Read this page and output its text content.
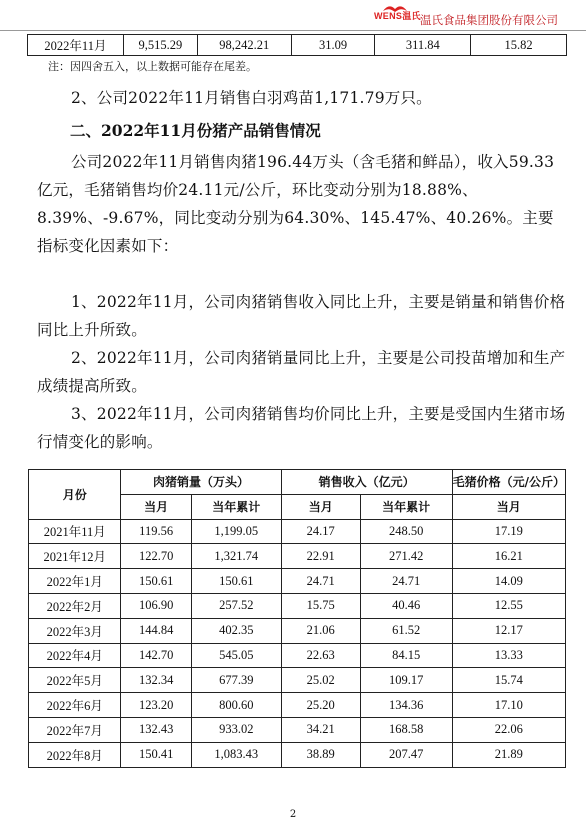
WENS温氏 温氏食品集团股份有限公司
2022年11月	9,515.29	98,242.21	31.09	311.84	15.82
注：因四舍五入，以上数据可能存在尾差。
2、公司2022年11月销售白羽鸡苗1,171.79万只。
二、2022年11月份猪产品销售情况
公司2022年11月销售肉猪196.44万头（含毛猪和鲜品），收入59.33亿元，毛猪销售均价24.11元/公斤，环比变动分别为18.88%、8.39%、-9.67%，同比变动分别为64.30%、145.47%、40.26%。主要指标变化因素如下：
1、2022年11月，公司肉猪销售收入同比上升，主要是销量和销售价格同比上升所致。
2、2022年11月，公司肉猪销量同比上升，主要是公司投苗增加和生产成绩提高所致。
3、2022年11月，公司肉猪销售均价同比上升，主要是受国内生猪市场行情变化的影响。
月份	肉猪销量（万头）		销售收入（亿元）		毛猪价格（元/公斤）
	当月	当年累计	当月	当年累计	当月
2021年11月	119.56	1,199.05	24.17	248.50	17.19
2021年12月	122.70	1,321.74	22.91	271.42	16.21
2022年1月	150.61	150.61	24.71	24.71	14.09
2022年2月	106.90	257.52	15.75	40.46	12.55
2022年3月	144.84	402.35	21.06	61.52	12.17
2022年4月	142.70	545.05	22.63	84.15	13.33
2022年5月	132.34	677.39	25.02	109.17	15.74
2022年6月	123.20	800.60	25.20	134.36	17.10
2022年7月	132.43	933.02	34.21	168.58	22.06
2022年8月	150.41	1,083.43	38.89	207.47	21.89
2
